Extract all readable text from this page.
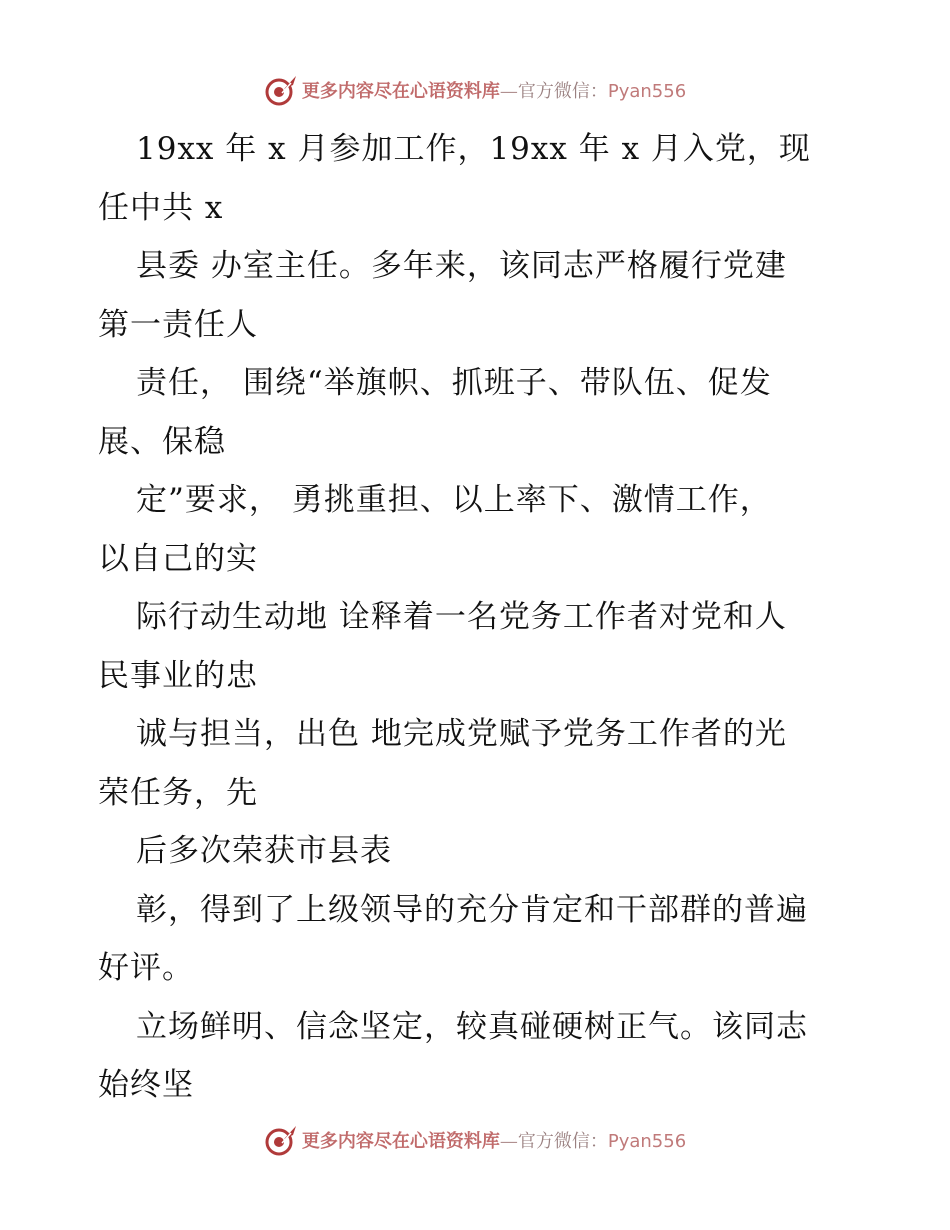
更多内容尽在心语资料库—官方微信：Pyan556
19xx 年 x 月参加工作，19xx 年 x 月入党，现
任中共 x
县委 办室主任。多年来，该同志严格履行党建
第一责任人
责任， 围绕“举旗帜、抓班子、带队伍、促发
展、保稳
定”要求， 勇挑重担、以上率下、激情工作，
以自己的实
际行动生动地 诠释着一名党务工作者对党和人
民事业的忠
诚与担当，出色 地完成党赋予党务工作者的光
荣任务，先
后多次荣获市县表
彰，得到了上级领导的充分肯定和干部群的普遍
好评。
立场鲜明、信念坚定，较真碰硬树正气。该同志
始终坚
更多内容尽在心语资料库—官方微信：Pyan556
